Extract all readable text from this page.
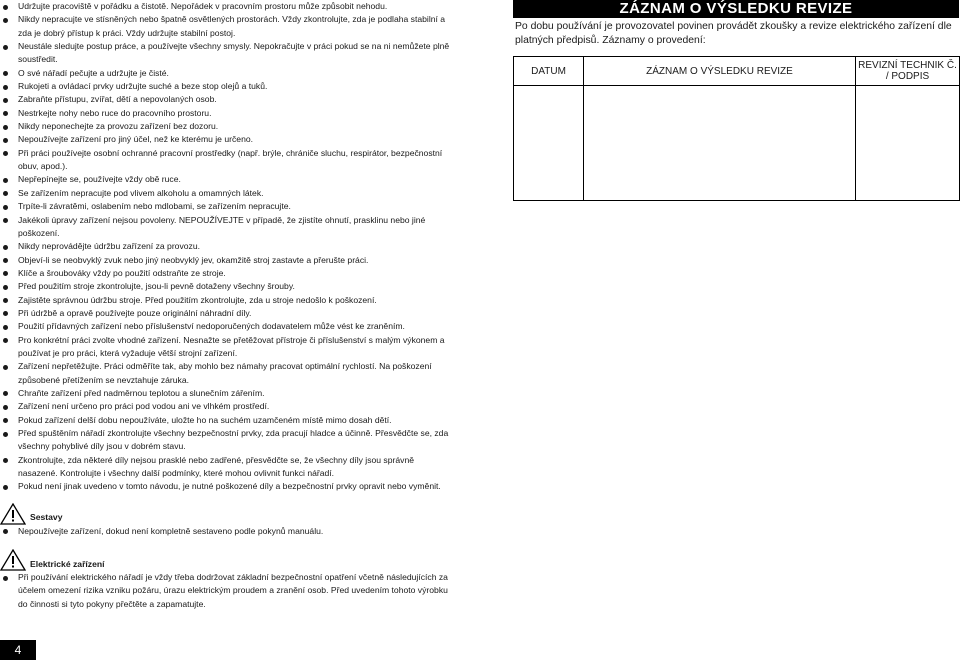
Udržujte pracoviště v pořádku a čistotě. Nepořádek v pracovním prostoru může způsobit nehodu.
Nikdy nepracujte ve stísněných nebo špatně osvětlených prostorách. Vždy zkontrolujte, zda je podlaha stabilní a zda je dobrý přístup k práci. Vždy udržujte stabilní postoj.
Neustále sledujte postup práce, a používejte všechny smysly. Nepokračujte v práci pokud se na ni nemůžete plně soustředit.
O své nářadí pečujte a udržujte je čisté.
Rukojeti a ovládací prvky udržujte suché a beze stop olejů a tuků.
Zabraňte přístupu, zvířat, dětí a nepovolaných osob.
Nestrkejte nohy nebo ruce do pracovního prostoru.
Nikdy neponechejte za provozu zařízení bez dozoru.
Nepoužívejte zařízení pro jiný účel, než ke kterému je určeno.
Při práci používejte osobní ochranné pracovní prostředky (např. brýle, chrániče sluchu, respirátor, bezpečnostní obuv, apod.).
Nepřepínejte se, používejte vždy obě ruce.
Se zařízením nepracujte pod vlivem alkoholu a omamných látek.
Trpíte-li závratěmi, oslabením nebo mdlobami, se zařízením nepracujte.
Jakékoli úpravy zařízení nejsou povoleny. NEPOUŽÍVEJTE v případě, že zjistíte ohnutí, prasklinu nebo jiné poškození.
Nikdy neprovádějte údržbu zařízení za provozu.
Objeví-li se neobvyklý zvuk nebo jiný neobvyklý jev, okamžitě stroj zastavte a přerušte práci.
Klíče a šroubováky vždy po použití odstraňte ze stroje.
Před použitím stroje zkontrolujte, jsou-li pevně dotaženy všechny šrouby.
Zajistěte správnou údržbu stroje. Před použitím zkontrolujte, zda u stroje nedošlo k poškození.
Při údržbě a opravě používejte pouze originální náhradní díly.
Použití přídavných zařízení nebo příslušenství nedoporučených dodavatelem může vést ke zraněním.
Pro konkrétní práci zvolte vhodné zařízení. Nesnažte se přetěžovat přístroje či příslušenství s malým výkonem a používat je pro práci, která vyžaduje větší strojní zařízení.
Zařízení nepřetěžujte. Práci odměříte tak, aby mohlo bez námahy pracovat optimální rychlostí. Na poškození způsobené přetížením se nevztahuje záruka.
Chraňte zařízení před nadměrnou teplotou a slunečním zářením.
Zařízení není určeno pro práci pod vodou ani ve vlhkém prostředí.
Pokud zařízení delší dobu nepoužíváte, uložte ho na suchém uzamčeném místě mimo dosah dětí.
Před spuštěním nářadí zkontrolujte všechny bezpečnostní prvky, zda pracují hladce a účinně. Přesvědčte se, zda všechny pohyblivé díly jsou v dobrém stavu.
Zkontrolujte, zda některé díly nejsou prasklé nebo zadřené, přesvědčte se, že všechny díly jsou správně nasazené. Kontrolujte i všechny další podmínky, které mohou ovlivnit funkci nářadí.
Pokud není jinak uvedeno v tomto návodu, je nutné poškozené díly a bezpečnostní prvky opravit nebo vyměnit.
Sestavy
Nepoužívejte zařízení, dokud není kompletně sestaveno podle pokynů manuálu.
Elektrické zařízení
Při používání elektrického nářadí je vždy třeba dodržovat základní bezpečnostní opatření včetně následujících za účelem omezení rizika vzniku požáru, úrazu elektrickým proudem a zranění osob. Před uvedením tohoto výrobku do činnosti si tyto pokyny přečtěte a zapamatujte.
4
ZÁZNAM O VÝSLEDKU REVIZE
Po dobu používání je provozovatel povinen provádět zkoušky a revize elektrického zařízení dle platných předpisů. Záznamy o provedení:
DATUM	ZÁZNAM O VÝSLEDKU REVIZE	REVIZNÍ TECHNIK Č. / PODPIS
